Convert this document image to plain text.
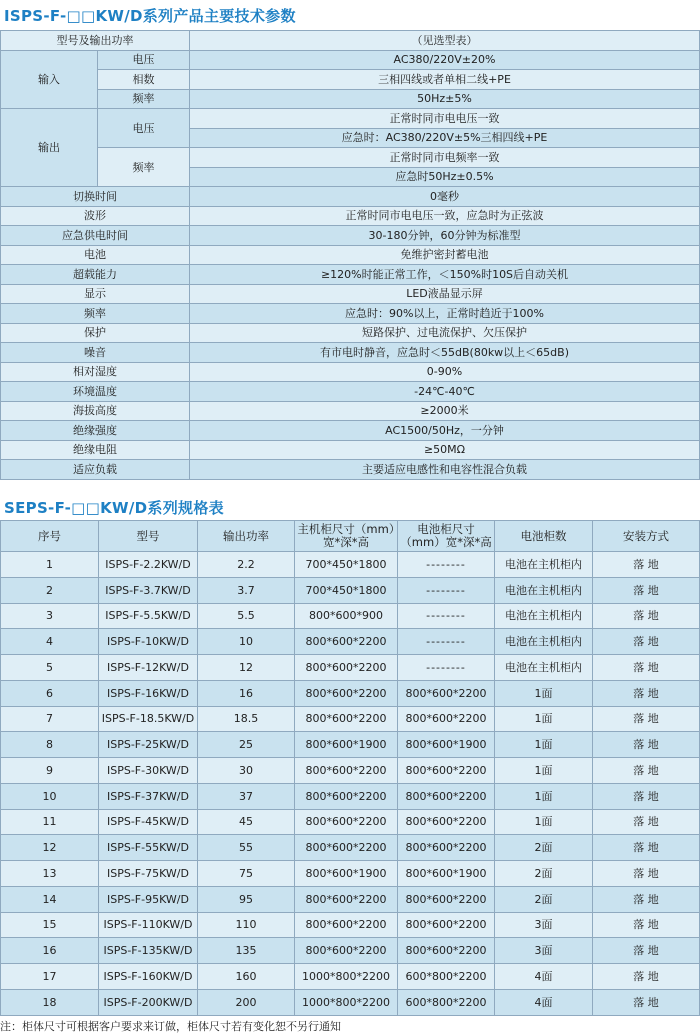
ISPS-F-□□KW/D系列产品主要技术参数
型号及输出功率		（见选型表）
输入	电压	AC380/220V±20%
	相数	三相四线或者单相二线+PE
	频率	50Hz±5%
输出	电压	正常时同市电电压一致
		应急时：AC380/220V±5%三相四线+PE
	频率	正常时同市电频率一致
		应急时50Hz±0.5%
切换时间		0毫秒
波形		正常时同市电电压一致，应急时为正弦波
应急供电时间		30-180分钟，60分钟为标准型
电池		免维护密封蓄电池
超载能力		≥120%时能正常工作，＜150%时10S后自动关机
显示		LED液晶显示屏
频率		应急时：90%以上，正常时趋近于100%
保护		短路保护、过电流保护、欠压保护
噪音		有市电时静音，应急时＜55dB(80kw以上＜65dB)
相对湿度		0-90%
环境温度		-24℃-40℃
海拔高度		≥2000米
绝缘强度		AC1500/50Hz，一分钟
绝缘电阻		≥50MΩ
适应负载		主要适应电感性和电容性混合负载
SEPS-F-□□KW/D系列规格表
序号	型号	输出功率	主机柜尺寸（mm）宽*深*高	电池柜尺寸（mm）宽*深*高	电池柜数	安装方式
1	ISPS-F-2.2KW/D	2.2	700*450*1800	--------	电池在主机柜内	落 地
2	ISPS-F-3.7KW/D	3.7	700*450*1800	--------	电池在主机柜内	落 地
3	ISPS-F-5.5KW/D	5.5	800*600*900	--------	电池在主机柜内	落 地
4	ISPS-F-10KW/D	10	800*600*2200	--------	电池在主机柜内	落 地
5	ISPS-F-12KW/D	12	800*600*2200	--------	电池在主机柜内	落 地
6	ISPS-F-16KW/D	16	800*600*2200	800*600*2200	1面	落 地
7	ISPS-F-18.5KW/D	18.5	800*600*2200	800*600*2200	1面	落 地
8	ISPS-F-25KW/D	25	800*600*1900	800*600*1900	1面	落 地
9	ISPS-F-30KW/D	30	800*600*2200	800*600*2200	1面	落 地
10	ISPS-F-37KW/D	37	800*600*2200	800*600*2200	1面	落 地
11	ISPS-F-45KW/D	45	800*600*2200	800*600*2200	1面	落 地
12	ISPS-F-55KW/D	55	800*600*2200	800*600*2200	2面	落 地
13	ISPS-F-75KW/D	75	800*600*1900	800*600*1900	2面	落 地
14	ISPS-F-95KW/D	95	800*600*2200	800*600*2200	2面	落 地
15	ISPS-F-110KW/D	110	800*600*2200	800*600*2200	3面	落 地
16	ISPS-F-135KW/D	135	800*600*2200	800*600*2200	3面	落 地
17	ISPS-F-160KW/D	160	1000*800*2200	600*800*2200	4面	落 地
18	ISPS-F-200KW/D	200	1000*800*2200	600*800*2200	4面	落 地
注：柜体尺寸可根据客户要求来订做，柜体尺寸若有变化恕不另行通知
